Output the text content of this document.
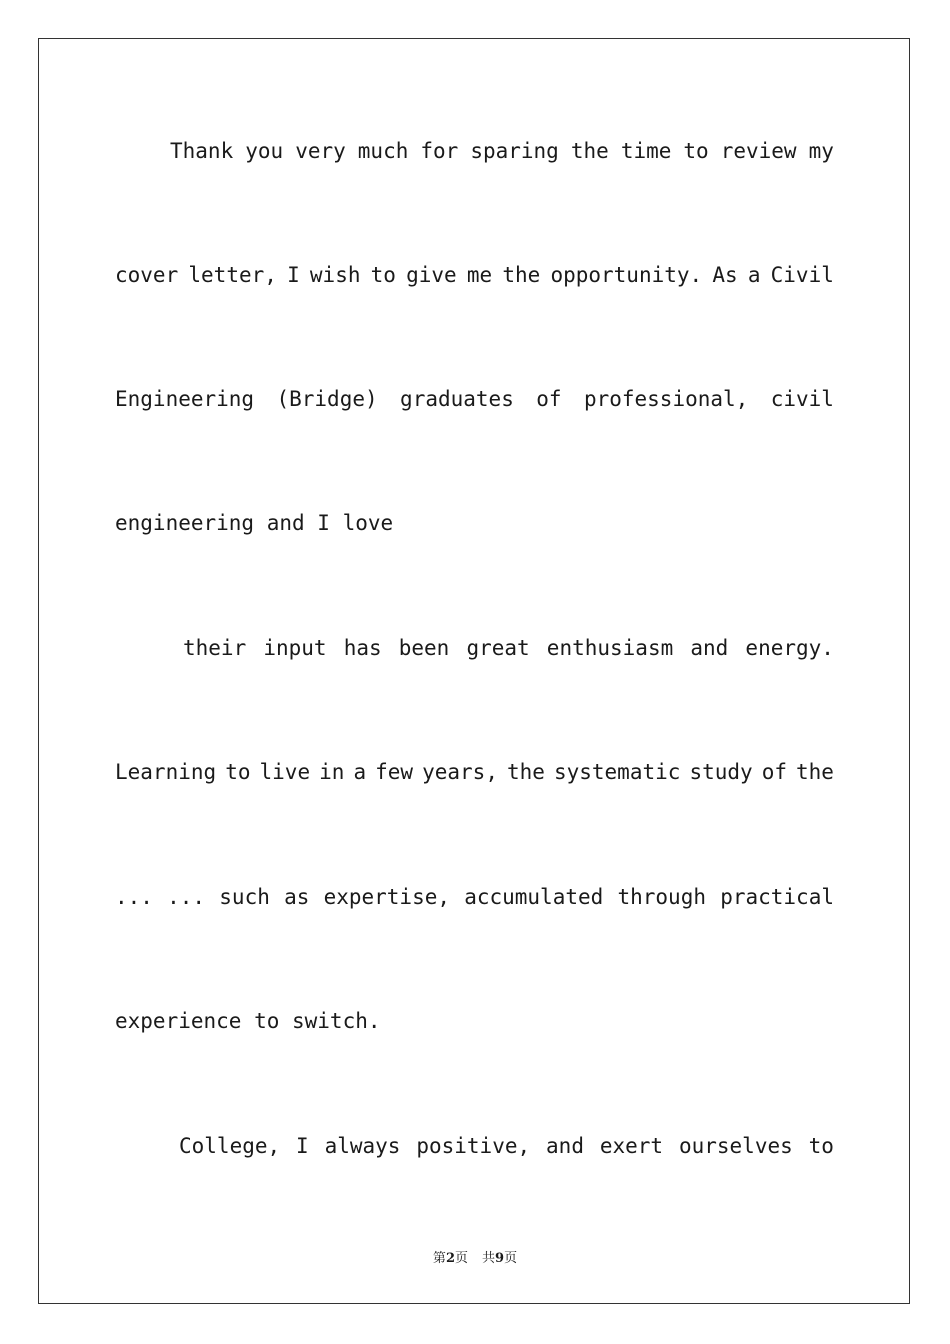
Thank you very much for sparing the time to review my
cover letter, I wish to give me the opportunity. As a Civil
Engineering (Bridge) graduates of professional, civil
engineering and I love
their input has been great enthusiasm and energy.
Learning to live in a few years, the systematic study of the
... ... such as expertise, accumulated through practical
experience to switch.
College, I always positive, and exert ourselves to
第2页 共9页
